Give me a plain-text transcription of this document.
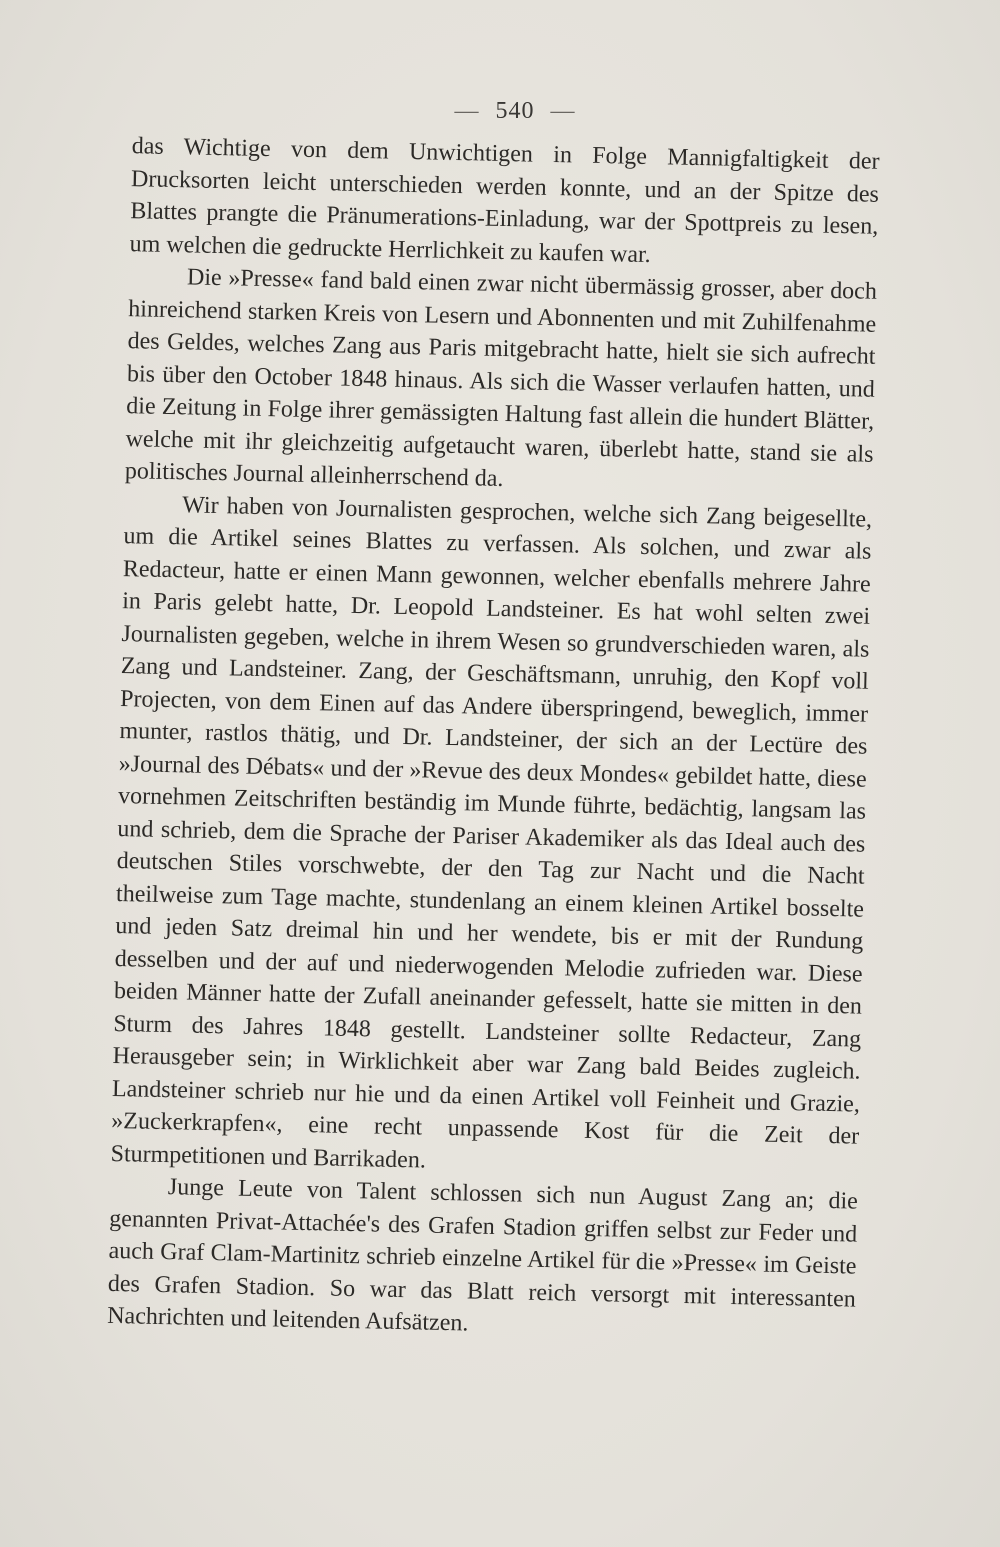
— 540 —

das Wichtige von dem Unwichtigen in Folge Mannigfaltigkeit der Drucksorten leicht unterschieden werden konnte, und an der Spitze des Blattes prangte die Pränumerations-Einladung, war der Spottpreis zu lesen, um welchen die gedruckte Herrlichkeit zu kaufen war.

Die »Presse« fand bald einen zwar nicht übermässig grosser, aber doch hinreichend starken Kreis von Lesern und Abonnenten und mit Zuhilfenahme des Geldes, welches Zang aus Paris mitgebracht hatte, hielt sie sich aufrecht bis über den October 1848 hinaus. Als sich die Wasser verlaufen hatten, und die Zeitung in Folge ihrer gemässigten Haltung fast allein die hundert Blätter, welche mit ihr gleichzeitig aufgetaucht waren, überlebt hatte, stand sie als politisches Journal alleinherrschend da.

Wir haben von Journalisten gesprochen, welche sich Zang beigesellte, um die Artikel seines Blattes zu verfassen. Als solchen, und zwar als Redacteur, hatte er einen Mann gewonnen, welcher ebenfalls mehrere Jahre in Paris gelebt hatte, Dr. Leopold Landsteiner. Es hat wohl selten zwei Journalisten gegeben, welche in ihrem Wesen so grundverschieden waren, als Zang und Landsteiner. Zang, der Geschäftsmann, unruhig, den Kopf voll Projecten, von dem Einen auf das Andere überspringend, beweglich, immer munter, rastlos thätig, und Dr. Landsteiner, der sich an der Lectüre des »Journal des Débats« und der »Revue des deux Mondes« gebildet hatte, diese vornehmen Zeitschriften beständig im Munde führte, bedächtig, langsam las und schrieb, dem die Sprache der Pariser Akademiker als das Ideal auch des deutschen Stiles vorschwebte, der den Tag zur Nacht und die Nacht theilweise zum Tage machte, stundenlang an einem kleinen Artikel bosselte und jeden Satz dreimal hin und her wendete, bis er mit der Rundung desselben und der auf und niederwogenden Melodie zufrieden war. Diese beiden Männer hatte der Zufall aneinander gefesselt, hatte sie mitten in den Sturm des Jahres 1848 gestellt. Landsteiner sollte Redacteur, Zang Herausgeber sein; in Wirklichkeit aber war Zang bald Beides zugleich. Landsteiner schrieb nur hie und da einen Artikel voll Feinheit und Grazie, »Zuckerkrapfen«, eine recht unpassende Kost für die Zeit der Sturmpetitionen und Barrikaden.

Junge Leute von Talent schlossen sich nun August Zang an; die genannten Privat-Attachée's des Grafen Stadion griffen selbst zur Feder und auch Graf Clam-Martinitz schrieb einzelne Artikel für die »Presse« im Geiste des Grafen Stadion. So war das Blatt reich versorgt mit interessanten Nachrichten und leitenden Aufsätzen.
